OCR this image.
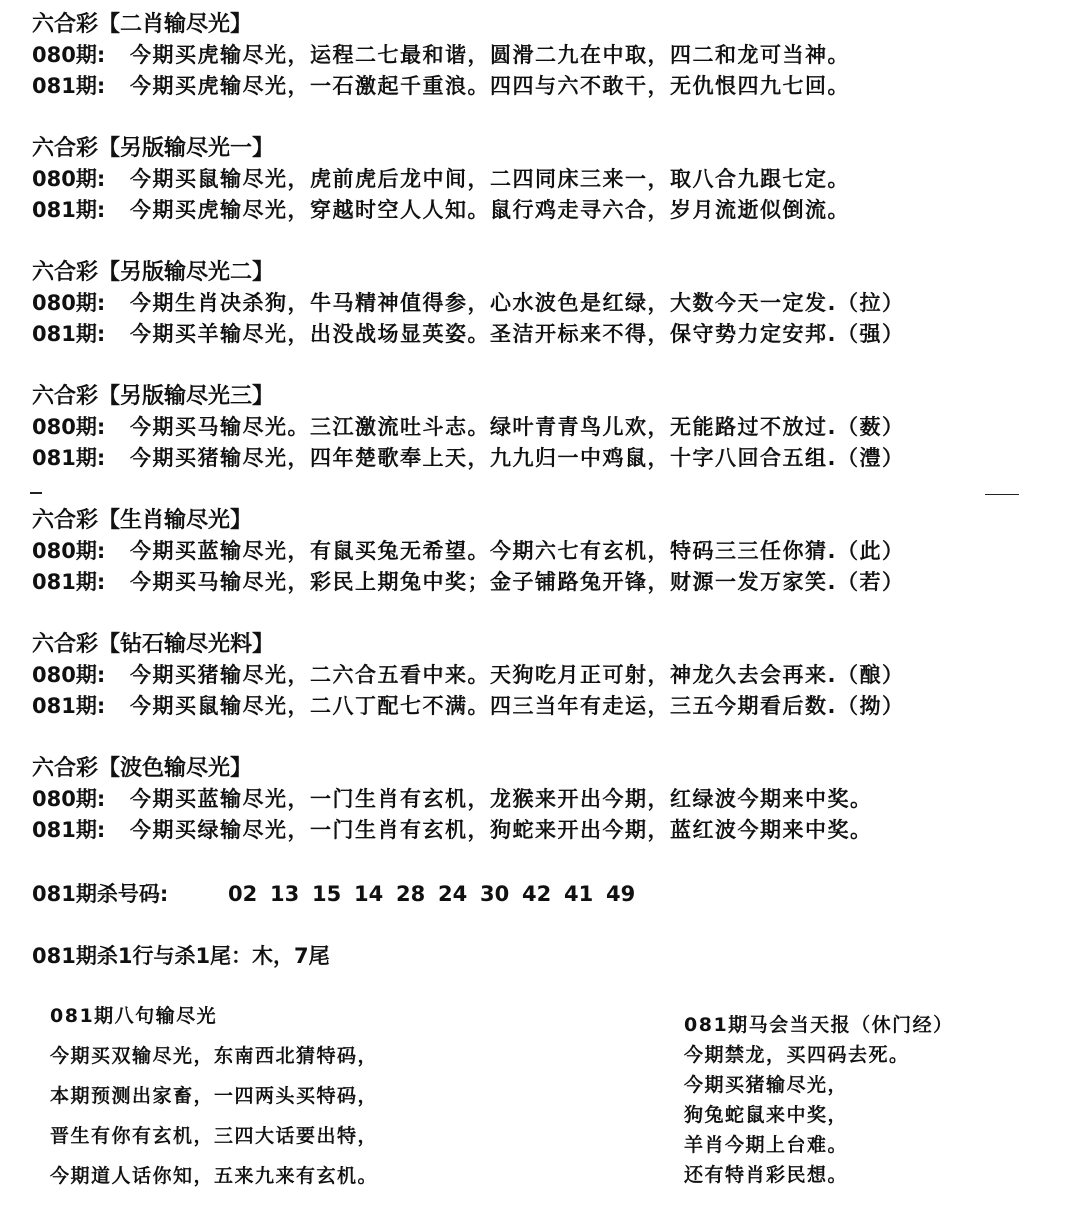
六合彩【二肖输尽光】
080期:	今期买虎输尽光，运程二七最和谐，圆滑二九在中取，四二和龙可当神。
081期:	今期买虎输尽光，一石激起千重浪。四四与六不敢干，无仇恨四九七回。
六合彩【另版输尽光一】
080期:	今期买鼠输尽光，虎前虎后龙中间，二四同床三来一，取八合九跟七定。
081期:	今期买虎输尽光，穿越时空人人知。鼠行鸡走寻六合，岁月流逝似倒流。
六合彩【另版输尽光二】
080期:	今期生肖决杀狗，牛马精神值得参，心水波色是红绿，大数今天一定发.（拉）
081期:	今期买羊输尽光，出没战场显英姿。圣洁开标来不得，保守势力定安邦.（强）
六合彩【另版输尽光三】
080期:	今期买马输尽光。三江激流吐斗志。绿叶青青鸟儿欢，无能路过不放过.（薮）
081期:	今期买猪输尽光，四年楚歌奉上天，九九归一中鸡鼠，十字八回合五组.（澧）
六合彩【生肖输尽光】
080期:	今期买蓝输尽光，有鼠买兔无希望。今期六七有玄机，特码三三任你猜.（此）
081期:	今期买马输尽光，彩民上期兔中奖；金子铺路兔开锋，财源一发万家笑.（若）
六合彩【钻石输尽光料】
080期:	今期买猪输尽光，二六合五看中来。天狗吃月正可射，神龙久去会再来.（酿）
081期:	今期买鼠输尽光，二八丁配七不满。四三当年有走运，三五今期看后数.（拗）
六合彩【波色输尽光】
080期:	今期买蓝输尽光，一门生肖有玄机，龙猴来开出今期，红绿波今期来中奖。
081期:	今期买绿输尽光，一门生肖有玄机，狗蛇来开出今期，蓝红波今期来中奖。
081期杀号码:	02 13 15 14 28 24 30 42 41 49
081期杀1行与杀1尾：木，7尾
081期八句输尽光
今期买双输尽光，东南西北猜特码，
本期预测出家畜，一四两头买特码，
晋生有你有玄机，三四大话要出特，
今期道人话你知，五来九来有玄机。
081期马会当天报（休门经）
今期禁龙，买四码去死。
今期买猪输尽光，
狗兔蛇鼠来中奖，
羊肖今期上台难。
还有特肖彩民想。
